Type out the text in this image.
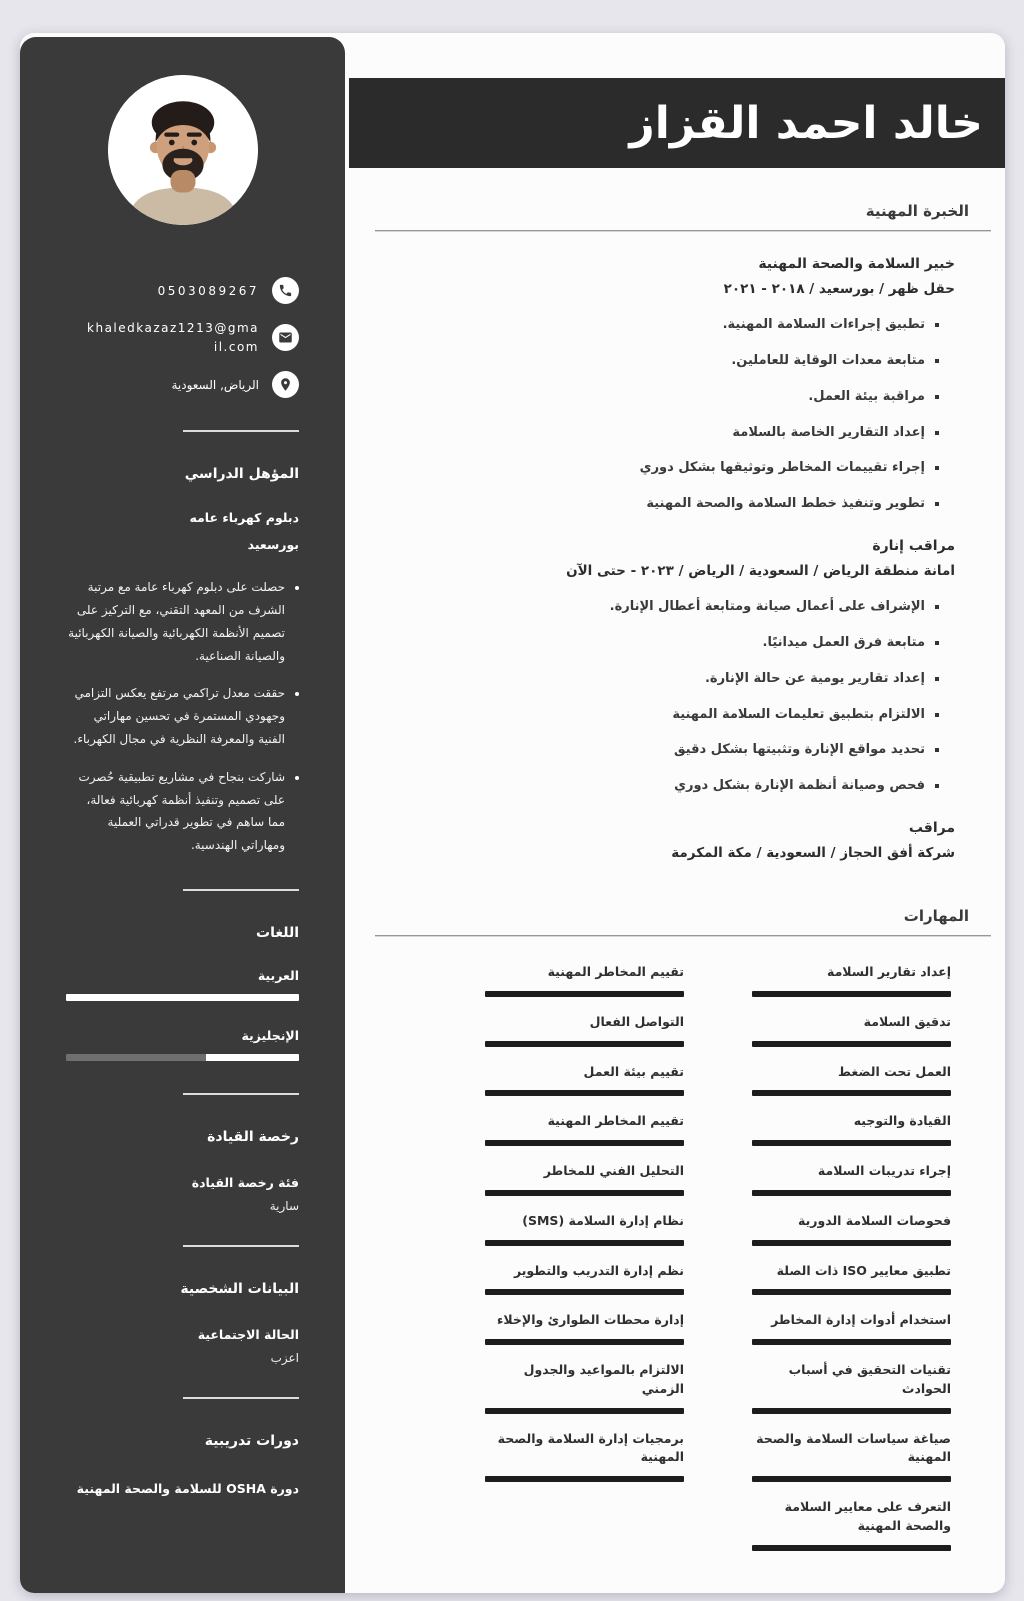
خالد احمد القزاز
الخبرة المهنية
خبير السلامة والصحة المهنية
حقل ظهر / بورسعيد / ٢٠١٨ - ٢٠٢١
تطبيق إجراءات السلامة المهنية.
متابعة معدات الوقاية للعاملين.
مراقبة بيئة العمل.
إعداد التقارير الخاصة بالسلامة
إجراء تقييمات المخاطر وتوثيقها بشكل دوري
تطوير وتنفيذ خطط السلامة والصحة المهنية
مراقب إنارة
امانة منطقة الرياض / السعودية / الرياض / ٢٠٢٣ - حتى الآن
الإشراف على أعمال صيانة ومتابعة أعطال الإنارة.
متابعة فرق العمل ميدانيًا.
إعداد تقارير يومية عن حالة الإنارة.
الالتزام بتطبيق تعليمات السلامة المهنية
تحديد مواقع الإنارة وتثبيتها بشكل دقيق
فحص وصيانة أنظمة الإنارة بشكل دوري
مراقب
شركة أفق الحجاز / السعودية / مكة المكرمة
المهارات
إعداد تقارير السلامة
تقييم المخاطر المهنية
تدقيق السلامة
التواصل الفعال
العمل تحت الضغط
تقييم بيئة العمل
القيادة والتوجيه
تقييم المخاطر المهنية
إجراء تدريبات السلامة
التحليل الفني للمخاطر
فحوصات السلامة الدورية
نظام إدارة السلامة (SMS)
تطبيق معايير ISO ذات الصلة
نظم إدارة التدريب والتطوير
استخدام أدوات إدارة المخاطر
إدارة محطات الطوارئ والإخلاء
تقنيات التحقيق في أسباب الحوادث
الالتزام بالمواعيد والجدول الزمني
صياغة سياسات السلامة والصحة المهنية
برمجيات إدارة السلامة والصحة المهنية
التعرف على معايير السلامة والصحة المهنية
0503089267
khaledkazaz1213@gmail.com
الرياض, السعودية
المؤهل الدراسي
دبلوم كهرباء عامه
بورسعيد
حصلت على دبلوم كهرباء عامة مع مرتبة الشرف من المعهد التقني، مع التركيز على تصميم الأنظمة الكهربائية والصيانة الكهربائية والصيانة الصناعية.
حققت معدل تراكمي مرتفع يعكس التزامي وجهودي المستمرة في تحسين مهاراتي الفنية والمعرفة النظرية في مجال الكهرباء.
شاركت بنجاح في مشاريع تطبيقية حُصرت على تصميم وتنفيذ أنظمة كهربائية فعالة، مما ساهم في تطوير قدراتي العملية ومهاراتي الهندسية.
اللغات
العربية
الإنجليزية
رخصة القيادة
فئة رخصة القيادة
سارية
البيانات الشخصية
الحالة الاجتماعية
اعزب
دورات تدريبية
دورة OSHA للسلامة والصحة المهنية
